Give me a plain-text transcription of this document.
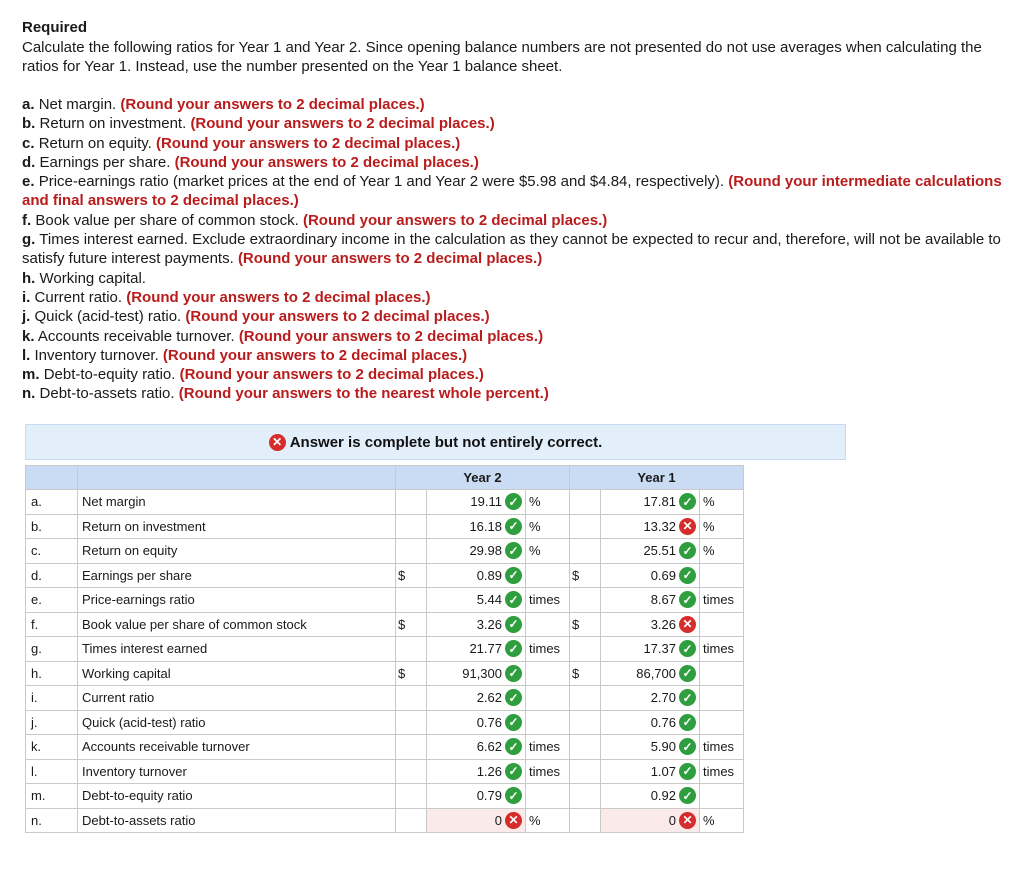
Required
Calculate the following ratios for Year 1 and Year 2. Since opening balance numbers are not presented do not use averages when calculating the ratios for Year 1. Instead, use the number presented on the Year 1 balance sheet.
a. Net margin. (Round your answers to 2 decimal places.)
b. Return on investment. (Round your answers to 2 decimal places.)
c. Return on equity. (Round your answers to 2 decimal places.)
d. Earnings per share. (Round your answers to 2 decimal places.)
e. Price-earnings ratio (market prices at the end of Year 1 and Year 2 were $5.98 and $4.84, respectively). (Round your intermediate calculations and final answers to 2 decimal places.)
f. Book value per share of common stock. (Round your answers to 2 decimal places.)
g. Times interest earned. Exclude extraordinary income in the calculation as they cannot be expected to recur and, therefore, will not be available to satisfy future interest payments. (Round your answers to 2 decimal places.)
h. Working capital.
i. Current ratio. (Round your answers to 2 decimal places.)
j. Quick (acid-test) ratio. (Round your answers to 2 decimal places.)
k. Accounts receivable turnover. (Round your answers to 2 decimal places.)
l. Inventory turnover. (Round your answers to 2 decimal places.)
m. Debt-to-equity ratio. (Round your answers to 2 decimal places.)
n. Debt-to-assets ratio. (Round your answers to the nearest whole percent.)
✕ Answer is complete but not entirely correct.
		Year 2			Year 1		
a.	Net margin		19.11 ✓	%		17.81 ✓	%
b.	Return on investment		16.18 ✓	%		13.32 ✕	%
c.	Return on equity		29.98 ✓	%		25.51 ✓	%
d.	Earnings per share	$	0.89 ✓		$	0.69 ✓	

e.	Price-earnings ratio		5.44 ✓	times		8.67 ✓	times
f.	Book value per share of common stock	$	3.26 ✓		$	3.26 ✕	

g.	Times interest earned		21.77 ✓	times		17.37 ✓	times
h.	Working capital	$	91,300 ✓		$	86,700 ✓	

i.	Current ratio		2.62 ✓			2.70 ✓	

j.	Quick (acid-test) ratio		0.76 ✓			0.76 ✓	

k.	Accounts receivable turnover		6.62 ✓	times		5.90 ✓	times
l.	Inventory turnover		1.26 ✓	times		1.07 ✓	times
m.	Debt-to-equity ratio		0.79 ✓			0.92 ✓	

n.	Debt-to-assets ratio		0 ✕	%		0 ✕	%
